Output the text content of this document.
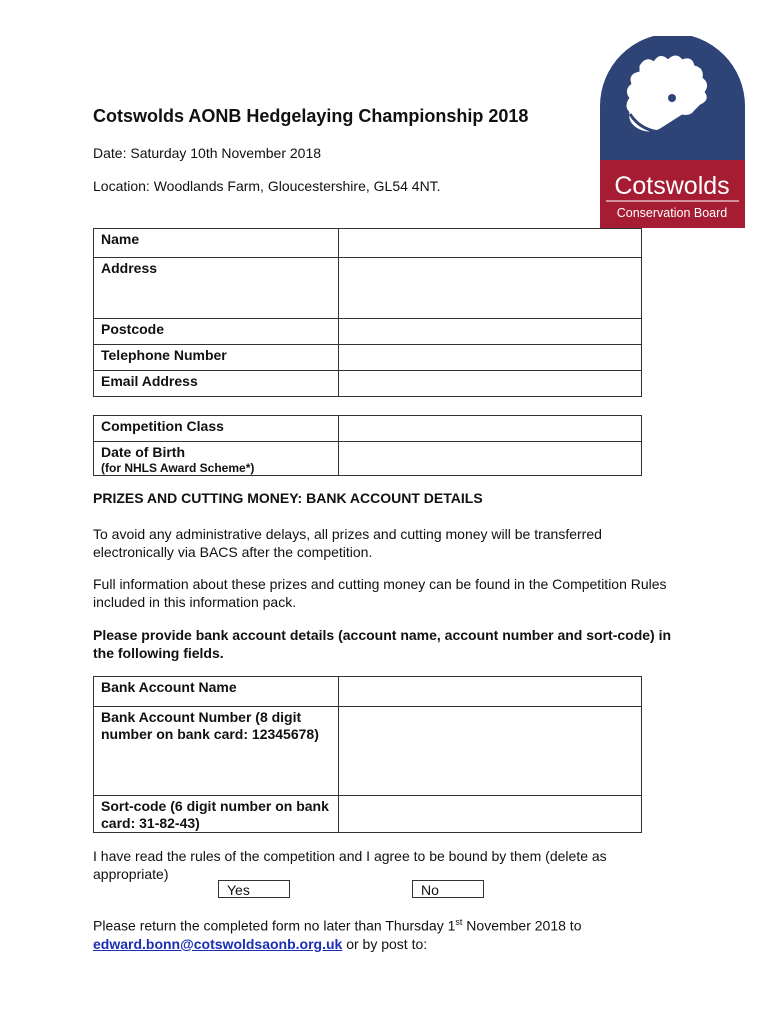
Cotswolds
Conservation Board
Cotswolds AONB Hedgelaying Championship 2018
Date: Saturday 10th November 2018
Location: Woodlands Farm, Gloucestershire, GL54 4NT.
Name	
Address	
Postcode	
Telephone Number	
Email Address	
Competition Class	
Date of Birth
(for NHLS Award Scheme*)	

PRIZES AND CUTTING MONEY: BANK ACCOUNT DETAILS
To avoid any administrative delays, all prizes and cutting money will be transferred electronically via BACS after the competition.
Full information about these prizes and cutting money can be found in the Competition Rules included in this information pack.
Please provide bank account details (account name, account number and sort-code) in the following fields.
Bank Account Name	
Bank Account Number (8 digit number on bank card: 12345678)	
Sort-code (6 digit number on bank card: 31-82-43)	
I have read the rules of the competition and I agree to be bound by them (delete as appropriate)
Yes	No
Please return the completed form no later than Thursday 1st November 2018 to
edward.bonn@cotswoldsaonb.org.uk or by post to:
